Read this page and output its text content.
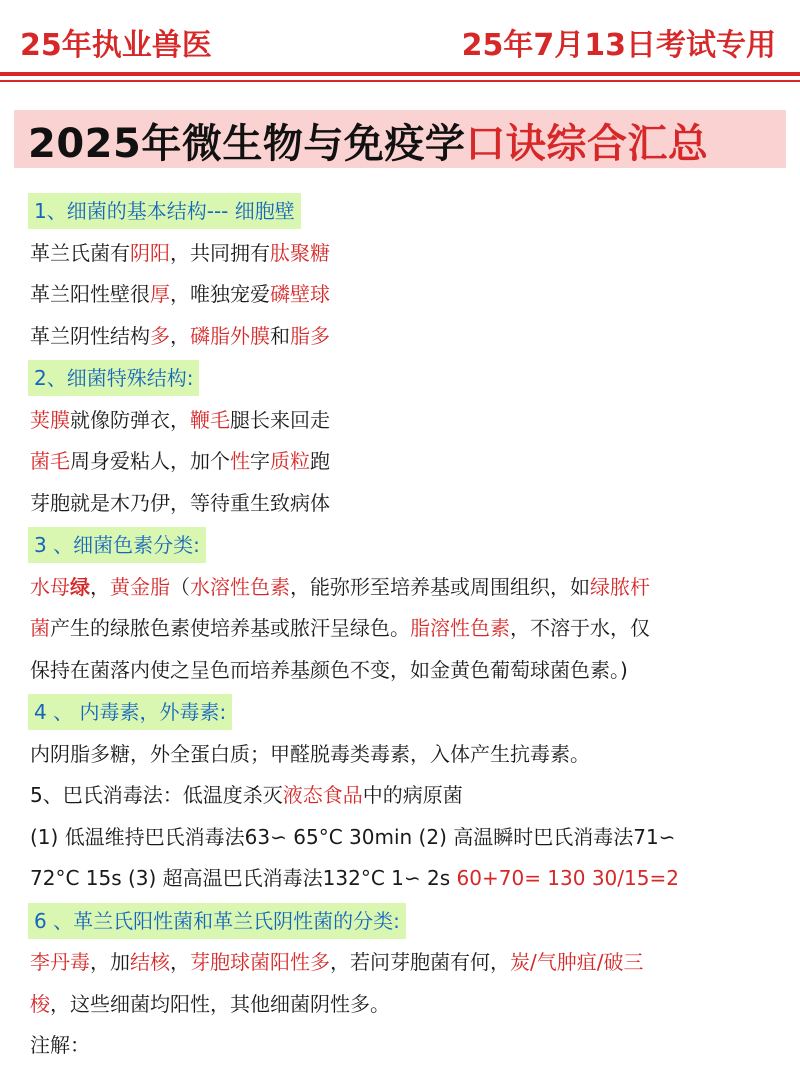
25年执业兽医	25年7月13日考试专用
2025年微生物与免疫学口诀综合汇总
1、细菌的基本结构--- 细胞壁
革兰氏菌有阴阳，共同拥有肽聚糖
革兰阳性壁很厚，唯独宠爱磷壁球
革兰阴性结构多，磷脂外膜和脂多
2、细菌特殊结构:
荚膜就像防弹衣，鞭毛腿长来回走
菌毛周身爱粘人，加个性字质粒跑
芽胞就是木乃伊，等待重生致病体
3 、细菌色素分类:
水母绿，黄金脂（水溶性色素，能弥形至培养基或周围组织，如绿脓杆
菌产生的绿脓色素使培养基或脓汗呈绿色。脂溶性色素，不溶于水，仅
保持在菌落内使之呈色而培养基颜色不变，如金黄色葡萄球菌色素。)
4 、 内毒素，外毒素:
内阴脂多糖，外全蛋白质；甲醛脱毒类毒素，入体产生抗毒素。
5、巴氏消毒法：低温度杀灭液态食品中的病原菌
(1) 低温维持巴氏消毒法63∽ 65°C 30min (2) 高温瞬时巴氏消毒法71∽
72°C 15s (3) 超高温巴氏消毒法132°C 1∽ 2s 60+70= 130 30/15=2
6 、革兰氏阳性菌和革兰氏阴性菌的分类:
李丹毒，加结核，芽胞球菌阳性多，若问芽胞菌有何，炭/气肿疽/破三
梭，这些细菌均阳性，其他细菌阴性多。
注解：
